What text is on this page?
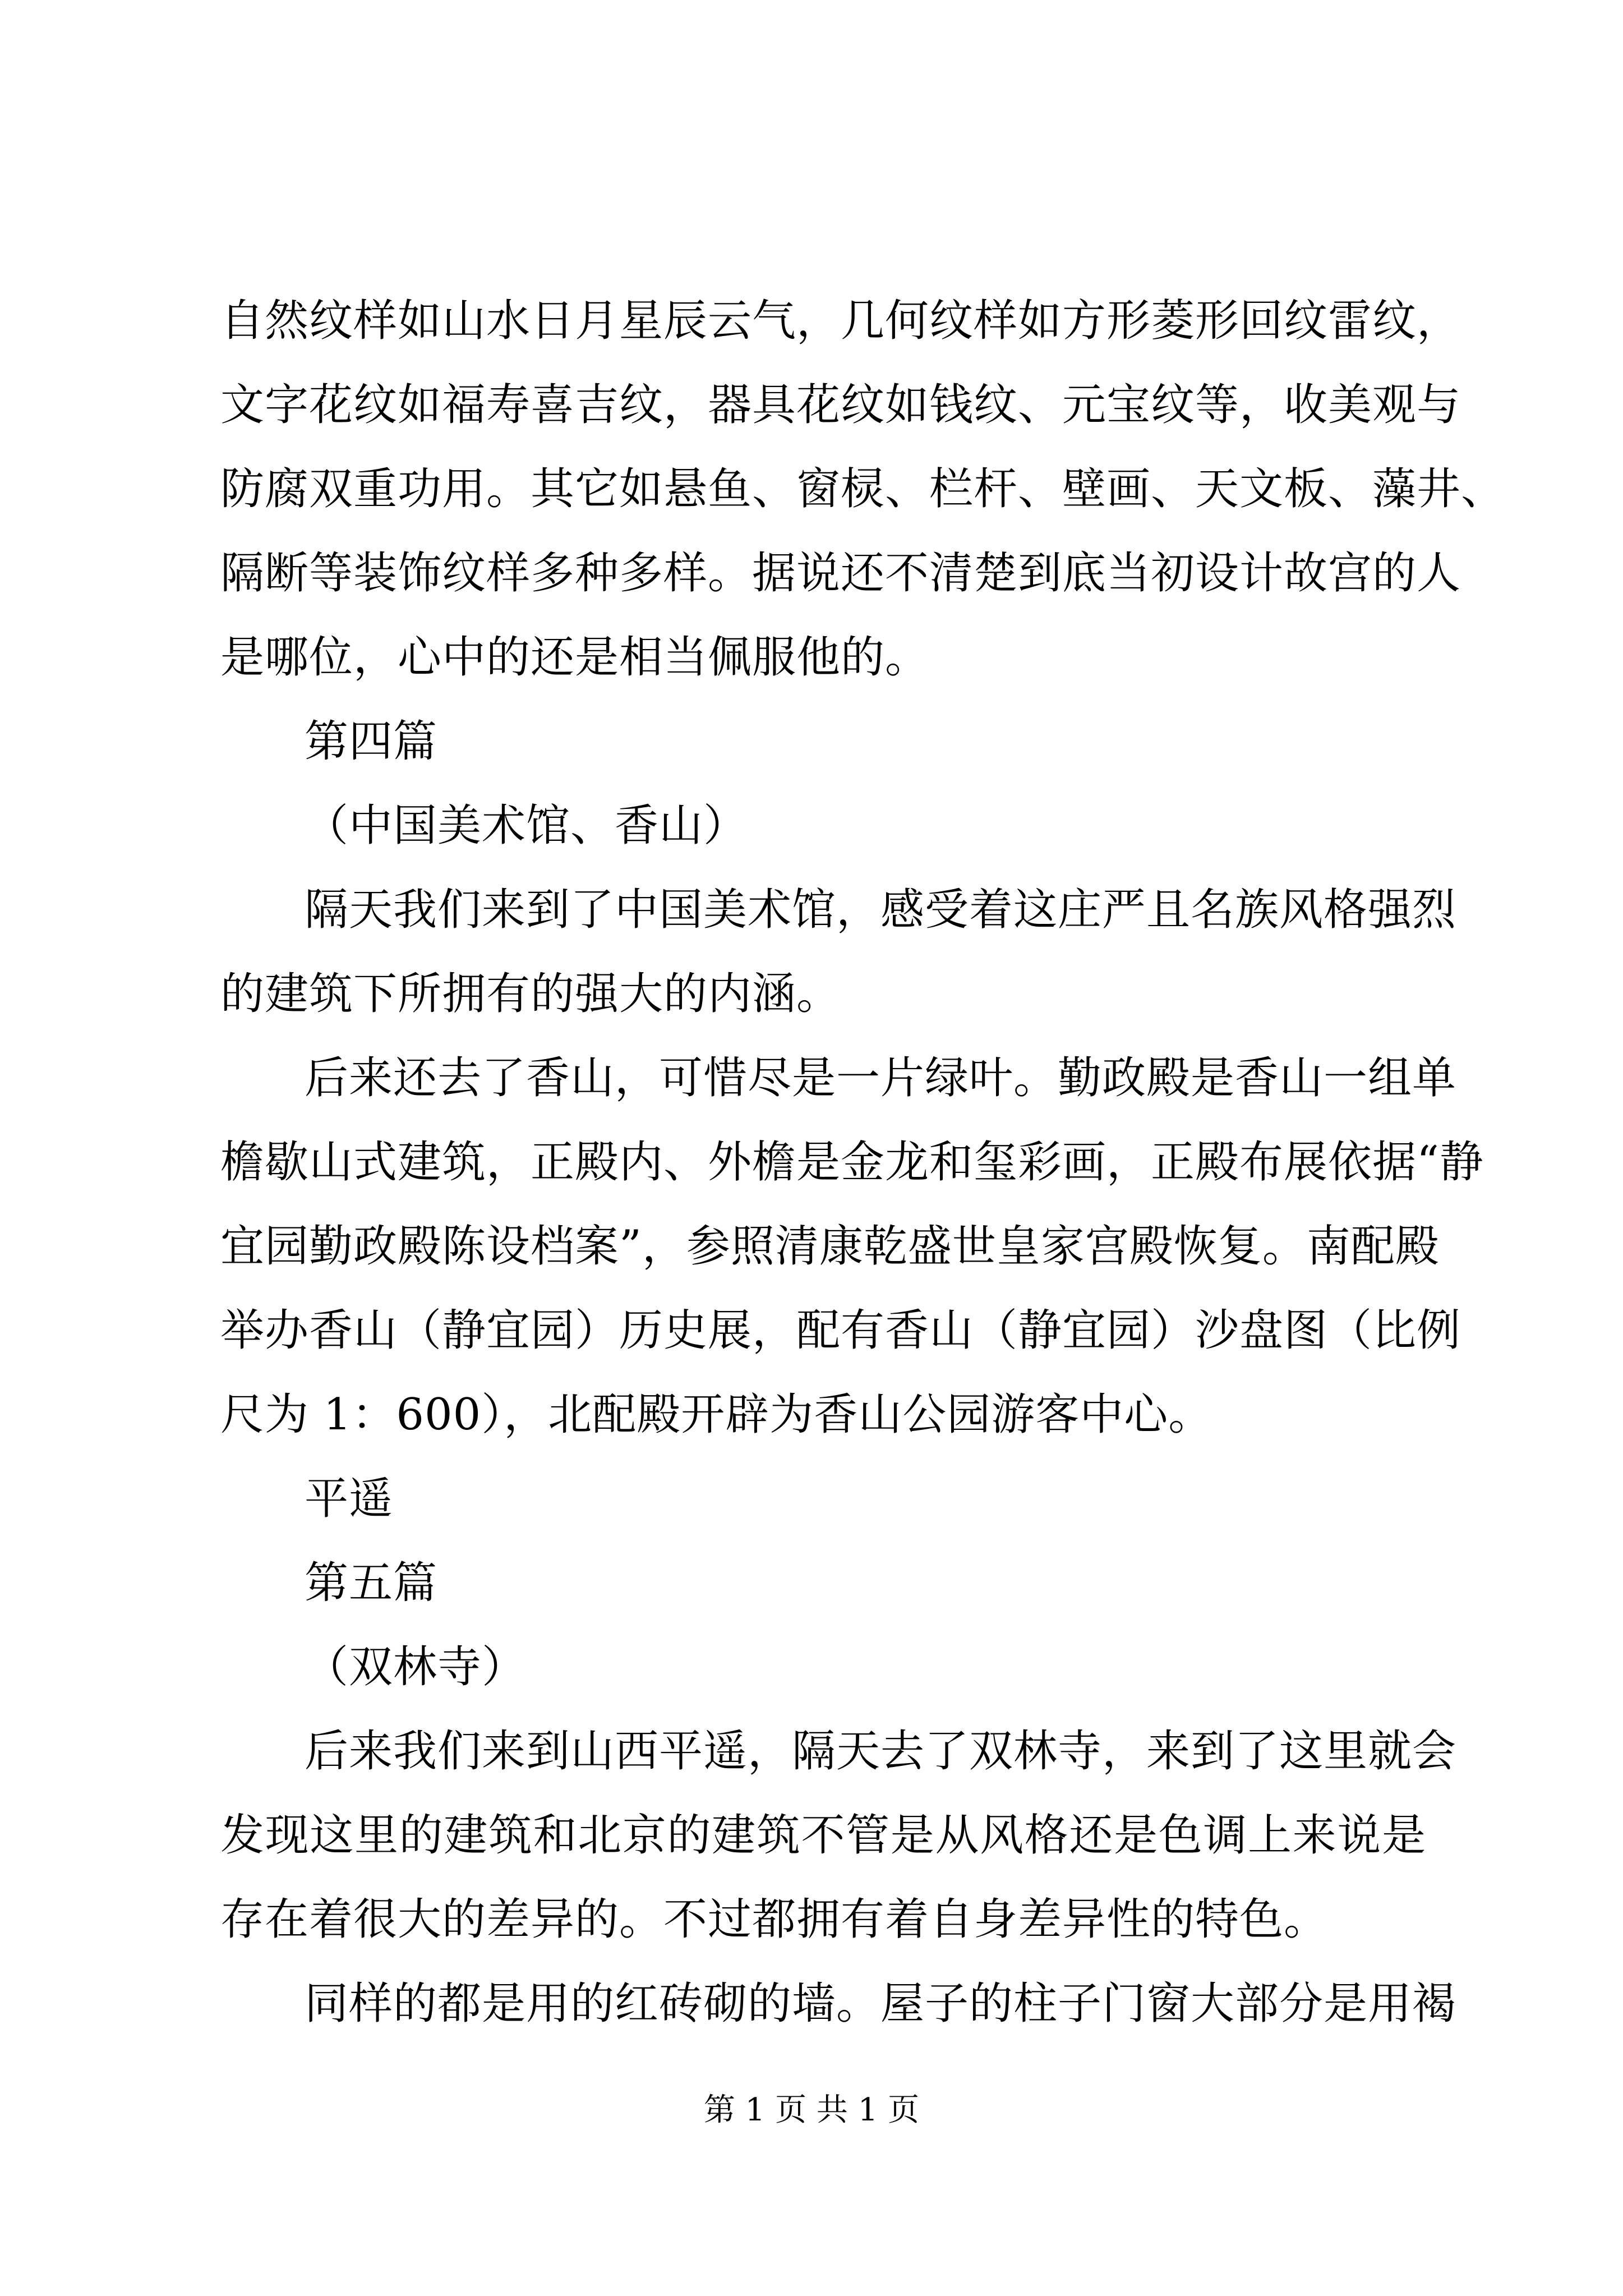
自然纹样如山水日月星辰云气，几何纹样如方形菱形回纹雷纹，
文字花纹如福寿喜吉纹，器具花纹如钱纹、元宝纹等，收美观与
防腐双重功用。其它如悬鱼、窗棂、栏杆、壁画、天文板、藻井、
隔断等装饰纹样多种多样。据说还不清楚到底当初设计故宫的人
是哪位，心中的还是相当佩服他的。
第四篇
（中国美术馆、香山）
隔天我们来到了中国美术馆，感受着这庄严且名族风格强烈
的建筑下所拥有的强大的内涵。
后来还去了香山，可惜尽是一片绿叶。勤政殿是香山一组单
檐歇山式建筑，正殿内、外檐是金龙和玺彩画，正殿布展依据“静
宜园勤政殿陈设档案”，参照清康乾盛世皇家宫殿恢复。南配殿
举办香山（静宜园）历史展，配有香山（静宜园）沙盘图（比例
尺为 1：600），北配殿开辟为香山公园游客中心。
平遥
第五篇
（双林寺）
后来我们来到山西平遥，隔天去了双林寺，来到了这里就会
发现这里的建筑和北京的建筑不管是从风格还是色调上来说是
存在着很大的差异的。不过都拥有着自身差异性的特色。
同样的都是用的红砖砌的墙。屋子的柱子门窗大部分是用褐
第 1 页 共 1 页
